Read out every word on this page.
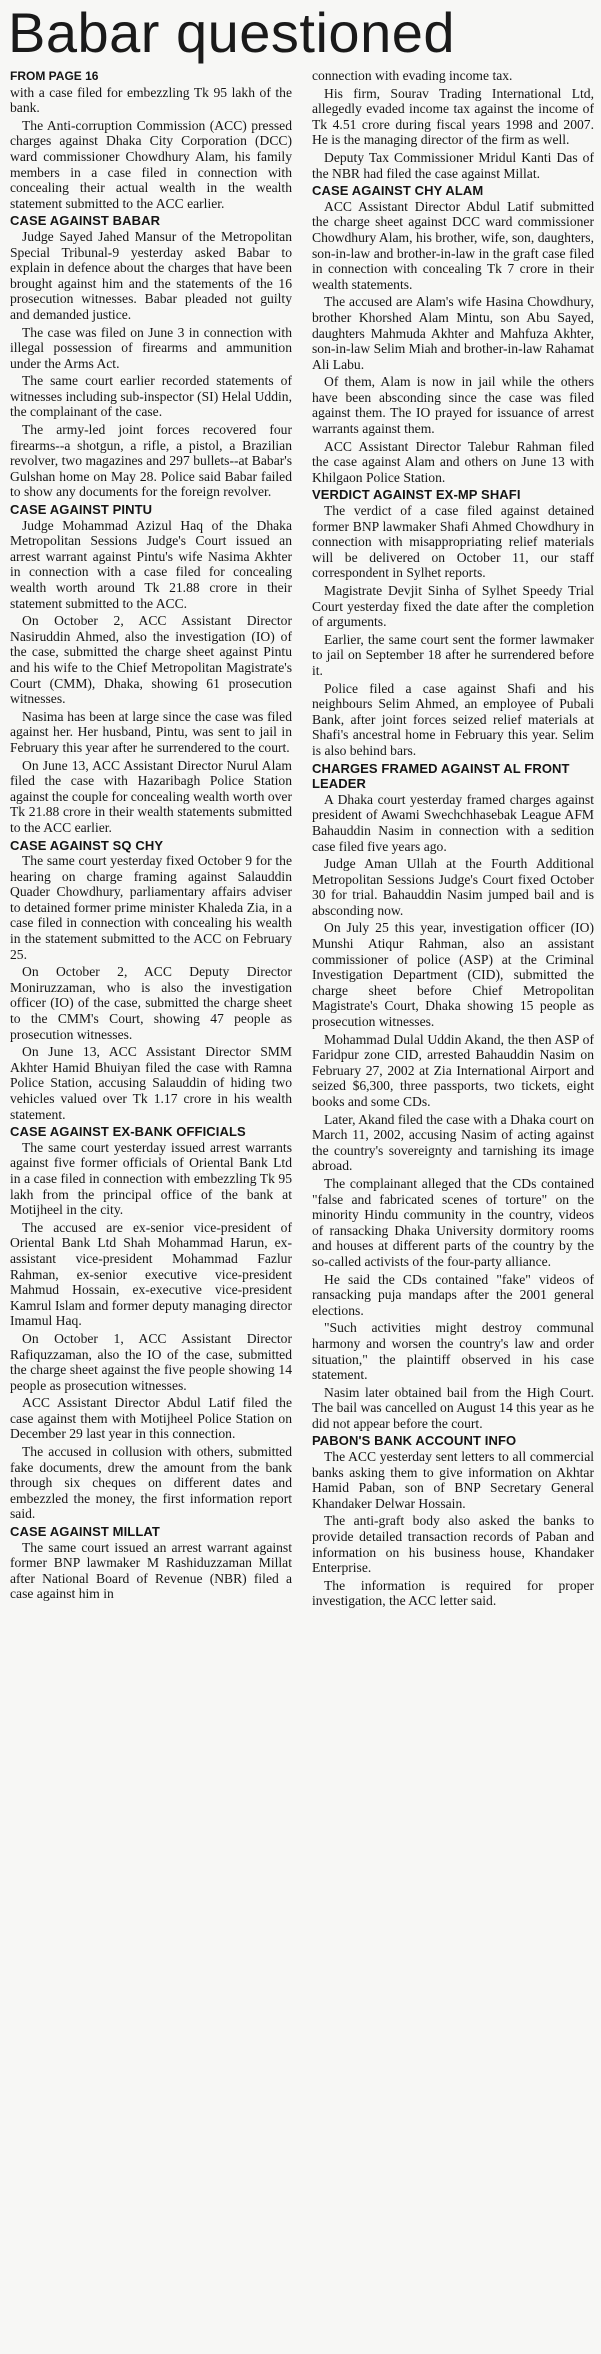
Babar questioned

FROM PAGE 16
with a case filed for embezzling Tk 95 lakh of the bank.

The Anti-corruption Commission (ACC) pressed charges against Dhaka City Corporation (DCC) ward commissioner Chowdhury Alam, his family members in a case filed in connection with concealing their actual wealth in the wealth statement submitted to the ACC earlier.

CASE AGAINST BABAR

Judge Sayed Jahed Mansur of the Metropolitan Special Tribunal-9 yesterday asked Babar to explain in defence about the charges that have been brought against him and the statements of the 16 prosecution witnesses. Babar pleaded not guilty and demanded justice.

The case was filed on June 3 in connection with illegal possession of firearms and ammunition under the Arms Act.

The same court earlier recorded statements of witnesses including sub-inspector (SI) Helal Uddin, the complainant of the case.

The army-led joint forces recovered four firearms--a shotgun, a rifle, a pistol, a Brazilian revolver, two magazines and 297 bullets--at Babar's Gulshan home on May 28. Police said Babar failed to show any documents for the foreign revolver.

CASE AGAINST PINTU

Judge Mohammad Azizul Haq of the Dhaka Metropolitan Sessions Judge's Court issued an arrest warrant against Pintu's wife Nasima Akhter in connection with a case filed for concealing wealth worth around Tk 21.88 crore in their statement submitted to the ACC.

On October 2, ACC Assistant Director Nasiruddin Ahmed, also the investigation (IO) of the case, submitted the charge sheet against Pintu and his wife to the Chief Metropolitan Magistrate's Court (CMM), Dhaka, showing 61 prosecution witnesses.

Nasima has been at large since the case was filed against her. Her husband, Pintu, was sent to jail in February this year after he surrendered to the court.

On June 13, ACC Assistant Director Nurul Alam filed the case with Hazaribagh Police Station against the couple for concealing wealth worth over Tk 21.88 crore in their wealth statements submitted to the ACC earlier.

CASE AGAINST SQ CHY

The same court yesterday fixed October 9 for the hearing on charge framing against Salauddin Quader Chowdhury, parliamentary affairs adviser to detained former prime minister Khaleda Zia, in a case filed in connection with concealing his wealth in the statement submitted to the ACC on February 25.

On October 2, ACC Deputy Director Moniruzzaman, who is also the investigation officer (IO) of the case, submitted the charge sheet to the CMM's Court, showing 47 people as prosecution witnesses.

On June 13, ACC Assistant Director SMM Akhter Hamid Bhuiyan filed the case with Ramna Police Station, accusing Salauddin of hiding two vehicles valued over Tk 1.17 crore in his wealth statement.

CASE AGAINST EX-BANK OFFICIALS

The same court yesterday issued arrest warrants against five former officials of Oriental Bank Ltd in a case filed in connection with embezzling Tk 95 lakh from the principal office of the bank at Motijheel in the city.

The accused are ex-senior vice-president of Oriental Bank Ltd Shah Mohammad Harun, ex-assistant vice-president Mohammad Fazlur Rahman, ex-senior executive vice-president Mahmud Hossain, ex-executive vice-president Kamrul Islam and former deputy managing director Imamul Haq.

On October 1, ACC Assistant Director Rafiquzzaman, also the IO of the case, submitted the charge sheet against the five people showing 14 people as prosecution witnesses.

ACC Assistant Director Abdul Latif filed the case against them with Motijheel Police Station on December 29 last year in this connection.

The accused in collusion with others, submitted fake documents, drew the amount from the bank through six cheques on different dates and embezzled the money, the first information report said.

CASE AGAINST MILLAT

The same court issued an arrest warrant against former BNP lawmaker M Rashiduzzaman Millat after National Board of Revenue (NBR) filed a case against him in

connection with evading income tax.

His firm, Sourav Trading International Ltd, allegedly evaded income tax against the income of Tk 4.51 crore during fiscal years 1998 and 2007. He is the managing director of the firm as well.

Deputy Tax Commissioner Mridul Kanti Das of the NBR had filed the case against Millat.

CASE AGAINST CHY ALAM

ACC Assistant Director Abdul Latif submitted the charge sheet against DCC ward commissioner Chowdhury Alam, his brother, wife, son, daughters, son-in-law and brother-in-law in the graft case filed in connection with concealing Tk 7 crore in their wealth statements.

The accused are Alam's wife Hasina Chowdhury, brother Khorshed Alam Mintu, son Abu Sayed, daughters Mahmuda Akhter and Mahfuza Akhter, son-in-law Selim Miah and brother-in-law Rahamat Ali Labu.

Of them, Alam is now in jail while the others have been absconding since the case was filed against them. The IO prayed for issuance of arrest warrants against them.

ACC Assistant Director Talebur Rahman filed the case against Alam and others on June 13 with Khilgaon Police Station.

VERDICT AGAINST EX-MP SHAFI

The verdict of a case filed against detained former BNP lawmaker Shafi Ahmed Chowdhury in connection with misappropriating relief materials will be delivered on October 11, our staff correspondent in Sylhet reports.

Magistrate Devjit Sinha of Sylhet Speedy Trial Court yesterday fixed the date after the completion of arguments.

Earlier, the same court sent the former lawmaker to jail on September 18 after he surrendered before it.

Police filed a case against Shafi and his neighbours Selim Ahmed, an employee of Pubali Bank, after joint forces seized relief materials at Shafi's ancestral home in February this year. Selim is also behind bars.

CHARGES FRAMED AGAINST AL FRONT LEADER

A Dhaka court yesterday framed charges against president of Awami Swechchhasebak League AFM Bahauddin Nasim in connection with a sedition case filed five years ago.

Judge Aman Ullah at the Fourth Additional Metropolitan Sessions Judge's Court fixed October 30 for trial. Bahauddin Nasim jumped bail and is absconding now.

On July 25 this year, investigation officer (IO) Munshi Atiqur Rahman, also an assistant commissioner of police (ASP) at the Criminal Investigation Department (CID), submitted the charge sheet before Chief Metropolitan Magistrate's Court, Dhaka showing 15 people as prosecution witnesses.

Mohammad Dulal Uddin Akand, the then ASP of Faridpur zone CID, arrested Bahauddin Nasim on February 27, 2002 at Zia International Airport and seized $6,300, three passports, two tickets, eight books and some CDs.

Later, Akand filed the case with a Dhaka court on March 11, 2002, accusing Nasim of acting against the country's sovereignty and tarnishing its image abroad.

The complainant alleged that the CDs contained "false and fabricated scenes of torture" on the minority Hindu community in the country, videos of ransacking Dhaka University dormitory rooms and houses at different parts of the country by the so-called activists of the four-party alliance.

He said the CDs contained "fake" videos of ransacking puja mandaps after the 2001 general elections.

"Such activities might destroy communal harmony and worsen the country's law and order situation," the plaintiff observed in his case statement.

Nasim later obtained bail from the High Court. The bail was cancelled on August 14 this year as he did not appear before the court.

PABON'S BANK ACCOUNT INFO

The ACC yesterday sent letters to all commercial banks asking them to give information on Akhtar Hamid Paban, son of BNP Secretary General Khandaker Delwar Hossain.

The anti-graft body also asked the banks to provide detailed transaction records of Paban and information on his business house, Khandaker Enterprise.

The information is required for proper investigation, the ACC letter said.
